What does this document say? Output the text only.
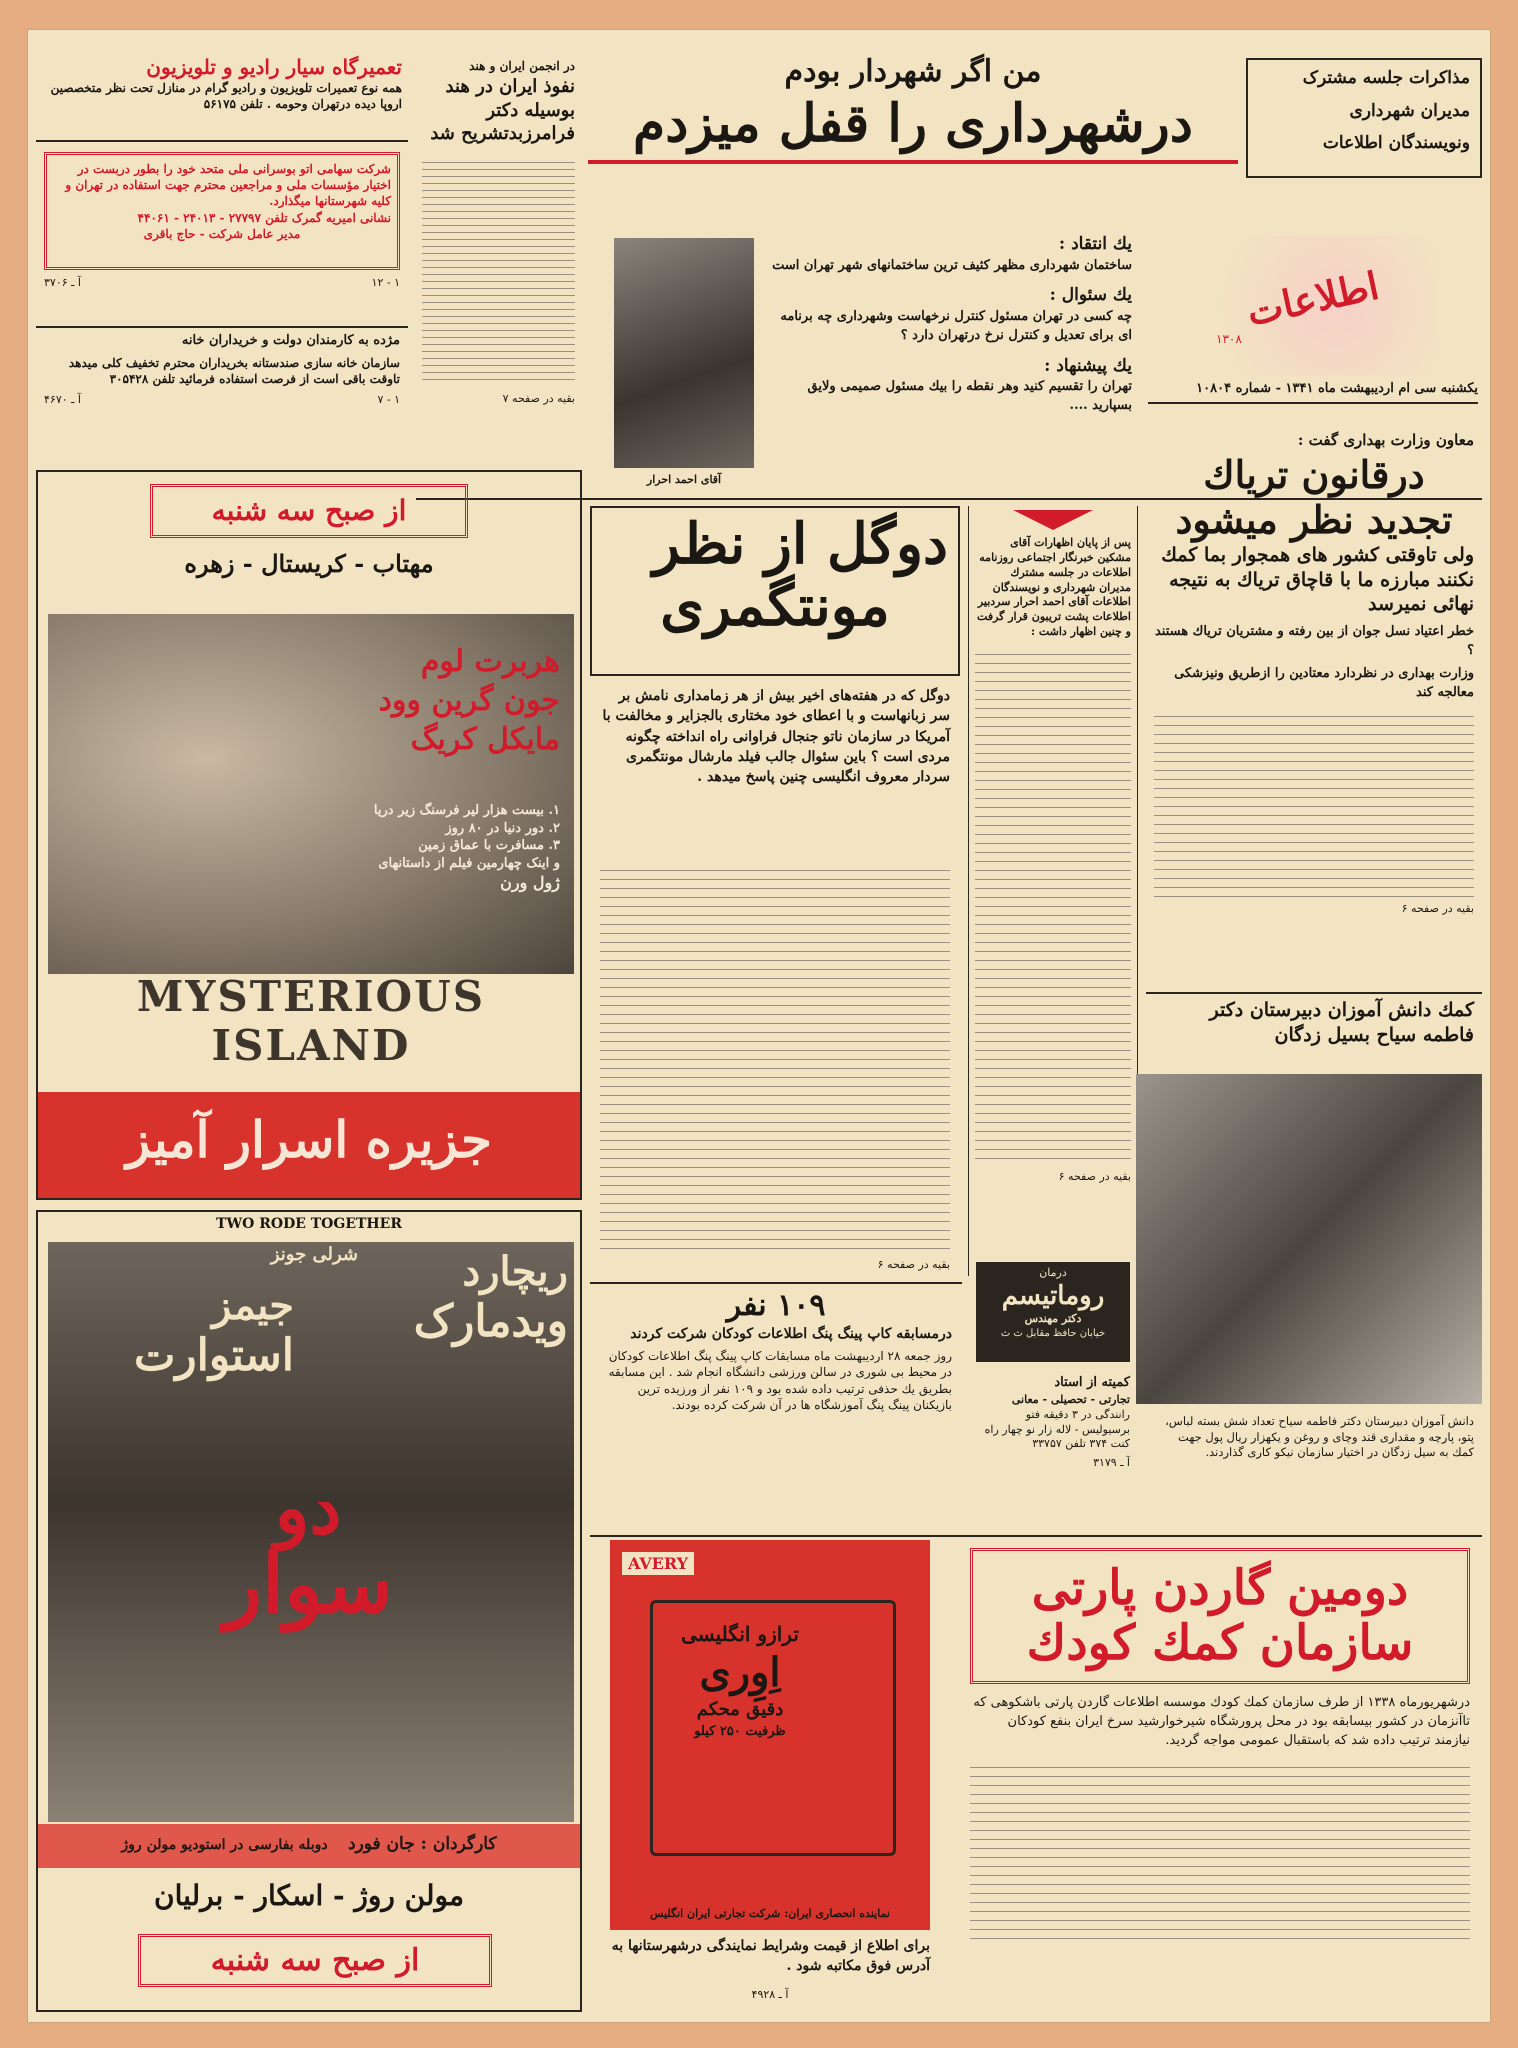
مذاکرات جلسه مشترک
مدیران شهرداری
ونویسندگان اطلاعات
من اگر شهردار بودم
درشهرداری را قفل میزدم
در انجمن ایران و هند
نفوذ ایران در هند
بوسیله دکتر
فرامرزبدتشریح شد
بقیه در صفحه ۷
تعمیرگاه سیار رادیو و تلویزیون
همه نوع تعمیرات تلویزیون و رادیو گرام در منازل تحت نظر متخصصین اروپا دیده درتهران وحومه . تلفن ۵۶۱۷۵
شرکت سهامی اتو بوسرانی ملی متحد خود را بطور دربست در اختیار مؤسسات ملی و مراجعین محترم جهت استفاده در تهران و کلیه شهرستانها میگذارد.
نشانی امیریه گمرک تلفن ۲۷۷۹۷ - ۲۴۰۱۳ - ۴۴۰۶۱
مدیر عامل شرکت - حاج باقری
۱ - ۱۲
آ ـ ۳۷۰۶
مژده به کارمندان دولت و خریداران خانه
سازمان خانه سازی صندستانه بخریداران محترم تخفیف کلی میدهد تاوقت باقی است از فرصت استفاده فرمائید تلفن ۳۰۵۴۲۸
۱ - ۷
آ ـ ۴۶۷۰
اطلاعات
۱۳۰۸
یکشنبه سی ام اردیبهشت ماه ۱۳۴۱ - شماره ۱۰۸۰۴
یك انتقاد :
ساختمان شهرداری مظهر کثیف ترین ساختمانهای شهر تهران است
یك سئوال :
چه کسی در تهران مسئول کنترل نرخهاست وشهرداری چه برنامه ای برای تعدیل و کنترل نرخ درتهران دارد ؟
یك پیشنهاد :
تهران را تقسیم کنید وهر نقطه را بیك مسئول صمیمی ولایق بسپارید ....
آقای احمد احرار
از صبح سه شنبه
مهتاب - کریستال - زهره
هربرت لوم
جون گرین وود
مایکل کریگ
۱. بیست هزار لیر فرسنگ زیر دریا
۲. دور دنیا در ۸۰ روز
۳. مسافرت با عماق زمین
و اینک چهارمین فیلم از داستانهای
ژول ورن
MYSTERIOUS ISLAND
جزیره اسرار آمیز
TWO RODE TOGETHER
ریچارد
ویدمارک
شرلی جونز
جیمز
استوارت
دو
سوار
کارگردان : جان فورد    دوبله بفارسی در استودیو مولن روژ
مولن روژ - اسکار - برلیان
از صبح سه شنبه
دوگل از نظر
مونتگمری
دوگل که در هفته‌های اخیر بیش از هر زمامداری نامش بر سر زبانهاست و با اعطای خود مختاری بالجزایر و مخالفت با آمریکا در سازمان ناتو جنجال فراوانی راه انداخته چگونه مردی است ؟ باین سئوال جالب فیلد مارشال مونتگمری سردار معروف انگلیسی چنین پاسخ میدهد .
بقیه در صفحه ۶
پس از پایان اظهارات آقای مشکین خبرنگار اجتماعی روزنامه اطلاعات در جلسه مشترك مدیران شهرداری و نویسندگان اطلاعات آقای احمد احرار سردبیر اطلاعات پشت تریبون قرار گرفت و چنین اظهار داشت :
بقیه در صفحه ۶
معاون وزارت بهداری گفت :
درقانون تریاك
تجدید نظر میشود
ولی تاوقتی کشور های همجوار بما کمك نکنند مبارزه ما با قاچاق تریاك به نتیجه نهائی نمیرسد
خطر اعتیاد نسل جوان از بین رفته و مشتریان تریاك هستند ؟
وزارت بهداری در نظردارد معتادین را ازطریق ونیزشکی معالجه کند
بقیه در صفحه ۶
کمك دانش آموزان دبیرستان دکتر
فاطمه سیاح بسیل زدگان
۱۰۹ نفر
درمسابقه کاپ پینگ پنگ اطلاعات کودکان شرکت کردند
روز جمعه ۲۸ اردیبهشت ماه مسابقات کاپ پینگ پنگ اطلاعات کودکان در محیط بی شوری در سالن ورزشی دانشگاه انجام شد . این مسابقه بطریق یك حذفی ترتیب داده شده بود و ۱۰۹ نفر از ورزیده ترین بازیکنان پینگ پنگ آموزشگاه ها در آن شرکت کرده بودند.
درمان
روماتیسم
دکتر مهندس
خیابان حافظ مقابل ث ث
کمیته از استاد
تجارتی - تحصیلی - معانی
رانندگی در ۳ دقیقه فتو برسیولیس - لاله زار نو چهار راه کنت ۳۷۴ تلفن ۳۳۷۵۷
آ ـ ۳۱۷۹
دانش آموزان دبیرستان دکتر فاطمه سیاح تعداد شش بسته لباس، پتو، پارچه و مقداری قند وچای و روغن و یکهزار ریال پول جهت کمك به سیل زدگان در اختیار سازمان نیکو کاری گذاردند.
AVERY
ترازو انگلیسی
اِوِری
دقیق محکم
ظرفیت ۲۵۰ کیلو
نماینده انحصاری ایران: شرکت تجارتی ایران انگلیس
برای اطلاع از قیمت وشرایط نمایندگی درشهرستانها به آدرس فوق مکاتبه شود .
آ ـ ۴۹۲۸
دومین گاردن پارتی
سازمان کمك کودك
درشهریورماه ۱۳۳۸ از طرف سازمان کمك کودك موسسه اطلاعات گاردن پارتی باشکوهی که تاآنزمان در کشور بیسابقه بود در محل پرورشگاه شیرخوارشید سرخ ایران بنفع کودکان نیازمند ترتیب داده شد که باستقبال عمومی مواجه گردید.
